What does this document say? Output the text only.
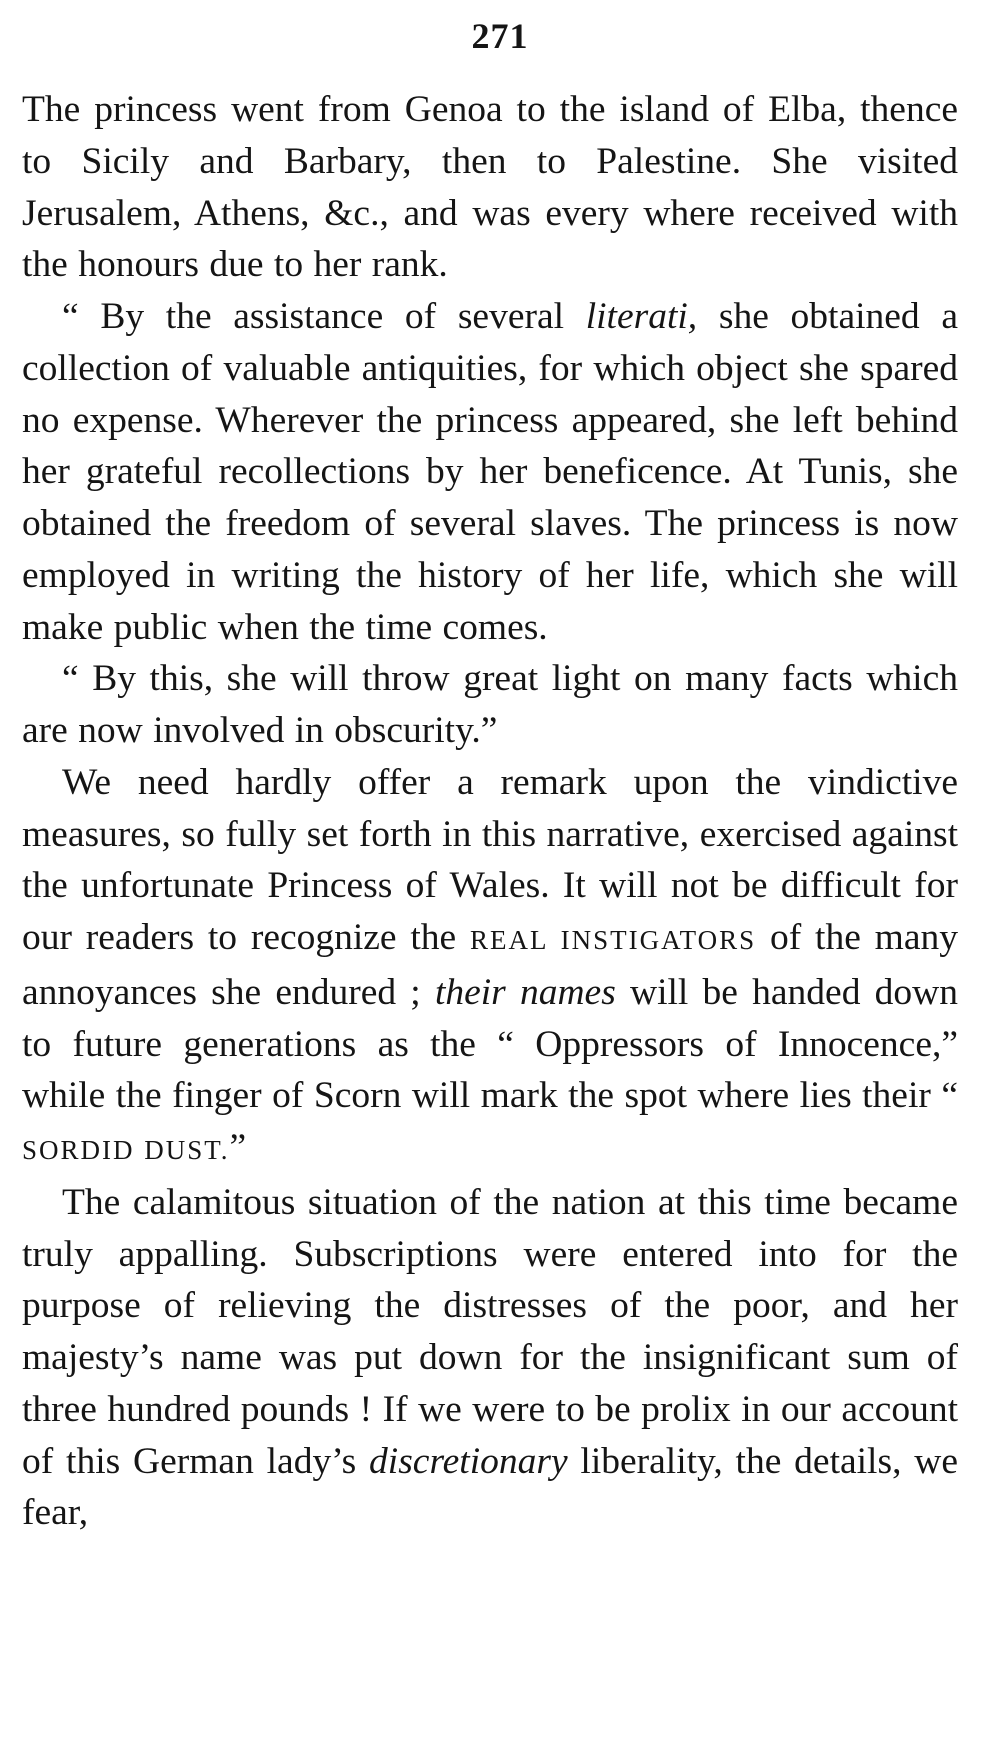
271

The princess went from Genoa to the island of Elba, thence to Sicily and Barbary, then to Palestine. She visited Jerusalem, Athens, &c., and was every where received with the honours due to her rank.

“ By the assistance of several literati, she obtained a collection of valuable antiquities, for which object she spared no expense. Wherever the princess appeared, she left behind her grateful recollections by her beneficence. At Tunis, she obtained the freedom of several slaves. The princess is now employed in writing the history of her life, which she will make public when the time comes.

“ By this, she will throw great light on many facts which are now involved in obscurity.”

We need hardly offer a remark upon the vindictive measures, so fully set forth in this narrative, exercised against the unfortunate Princess of Wales. It will not be difficult for our readers to recognize the REAL INSTIGATORS of the many annoyances she endured ; their names will be handed down to future generations as the “ Oppressors of Innocence,” while the finger of Scorn will mark the spot where lies their “ SORDID DUST.”

The calamitous situation of the nation at this time became truly appalling. Subscriptions were entered into for the purpose of relieving the distresses of the poor, and her majesty’s name was put down for the insignificant sum of three hundred pounds ! If we were to be prolix in our account of this German lady’s discretionary liberality, the details, we fear,
